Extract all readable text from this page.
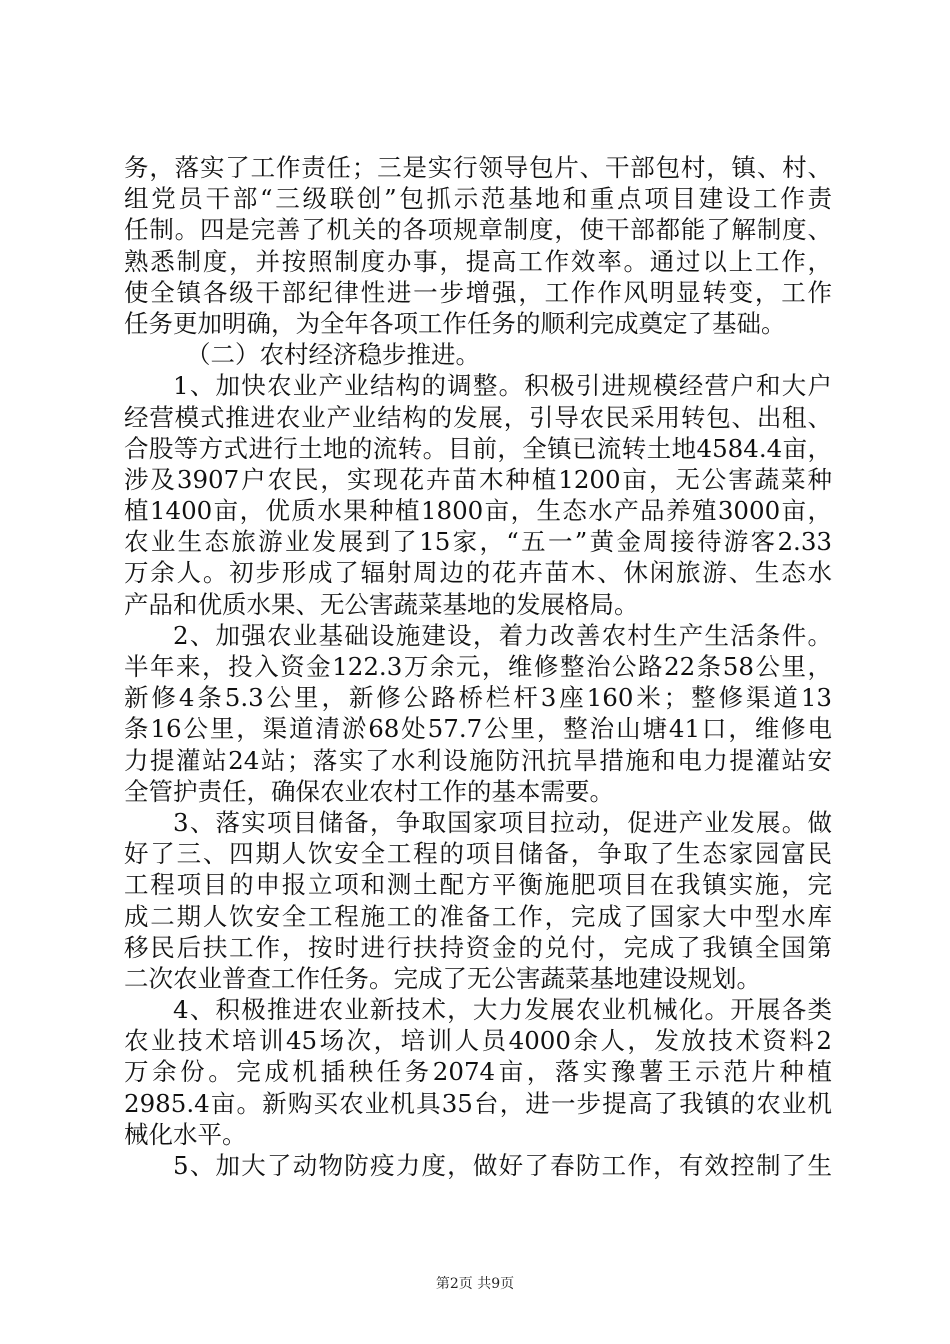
务，落实了工作责任；三是实行领导包片、干部包村，镇、村、
组党员干部“三级联创”包抓示范基地和重点项目建设工作责
任制。四是完善了机关的各项规章制度，使干部都能了解制度、
熟悉制度，并按照制度办事，提高工作效率。通过以上工作，
使全镇各级干部纪律性进一步增强，工作作风明显转变，工作
任务更加明确，为全年各项工作任务的顺利完成奠定了基础。
（二）农村经济稳步推进。
1、加快农业产业结构的调整。积极引进规模经营户和大户
经营模式推进农业产业结构的发展，引导农民采用转包、出租、
合股等方式进行土地的流转。目前，全镇已流转土地4584.4亩，
涉及3907户农民，实现花卉苗木种植1200亩，无公害蔬菜种
植1400亩，优质水果种植1800亩，生态水产品养殖3000亩，
农业生态旅游业发展到了15家，“五一”黄金周接待游客2.33
万余人。初步形成了辐射周边的花卉苗木、休闲旅游、生态水
产品和优质水果、无公害蔬菜基地的发展格局。
2、加强农业基础设施建设，着力改善农村生产生活条件。
半年来，投入资金122.3万余元，维修整治公路22条58公里，
新修4条5.3公里，新修公路桥栏杆3座160米；整修渠道13
条16公里，渠道清淤68处57.7公里，整治山塘41口，维修电
力提灌站24站；落实了水利设施防汛抗旱措施和电力提灌站安
全管护责任，确保农业农村工作的基本需要。
3、落实项目储备，争取国家项目拉动，促进产业发展。做
好了三、四期人饮安全工程的项目储备，争取了生态家园富民
工程项目的申报立项和测土配方平衡施肥项目在我镇实施，完
成二期人饮安全工程施工的准备工作，完成了国家大中型水库
移民后扶工作，按时进行扶持资金的兑付，完成了我镇全国第
二次农业普查工作任务。完成了无公害蔬菜基地建设规划。
4、积极推进农业新技术，大力发展农业机械化。开展各类
农业技术培训45场次，培训人员4000余人，发放技术资料2
万余份。完成机插秧任务2074亩，落实豫薯王示范片种植
2985.4亩。新购买农业机具35台，进一步提高了我镇的农业机
械化水平。
5、加大了动物防疫力度，做好了春防工作，有效控制了生
第2页 共9页
